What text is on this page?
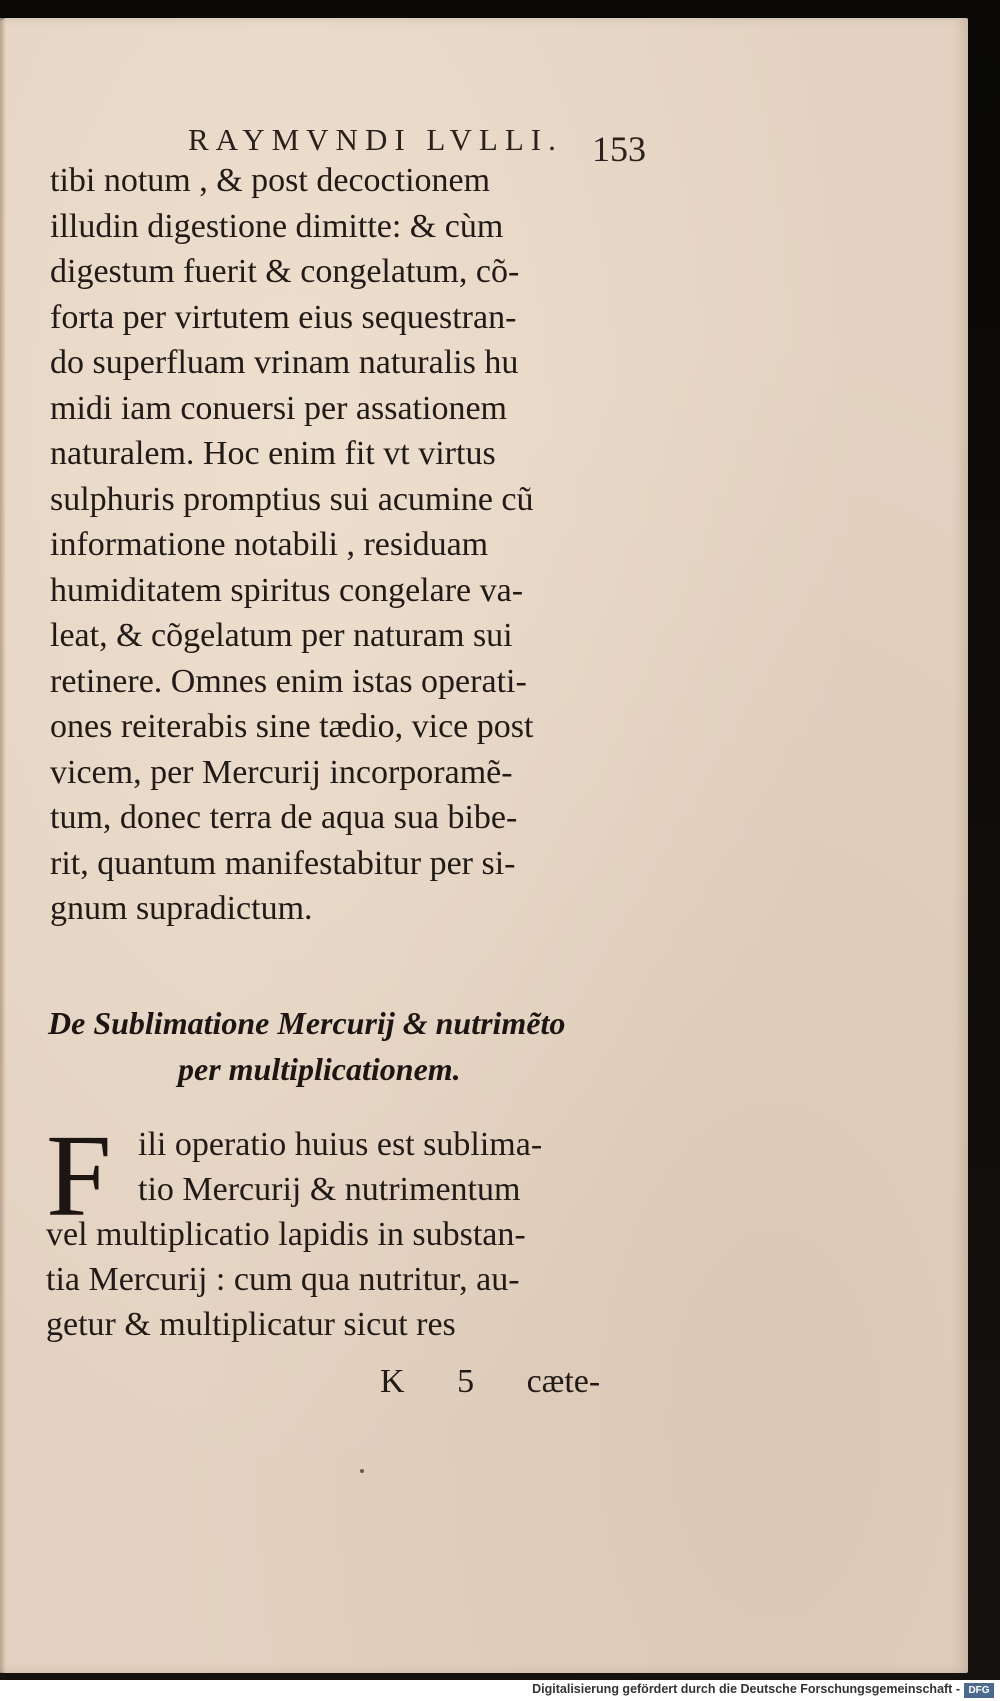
RAYMVNDI LVLLI. 153
tibi notum , & post decoctionem
illudin digestione dimitte: & cùm
digestum fuerit & congelatum, cõ-
forta per virtutem eius sequestran-
do superfluam vrinam naturalis hu
midi iam conuersi per assationem
naturalem. Hoc enim fit vt virtus
sulphuris promptius sui acumine cũ
informatione notabili , residuam
humiditatem spiritus congelare va-
leat, & cõgelatum per naturam sui
retinere. Omnes enim istas operati-
ones reiterabis sine tædio, vice post
vicem, per Mercurij incorporamẽ-
tum, donec terra de aqua sua bibe-
rit, quantum manifestabitur per si-
gnum supradictum.
De Sublimatione Mercurij & nutrimẽto
per multiplicationem.
F ili operatio huius est sublima-
tio Mercurij & nutrimentum
vel multiplicatio lapidis in substan-
tia Mercurij : cum qua nutritur, au-
getur & multiplicatur sicut res
K 5 cæte-
Digitalisierung gefördert durch die Deutsche Forschungsgemeinschaft - DFG
